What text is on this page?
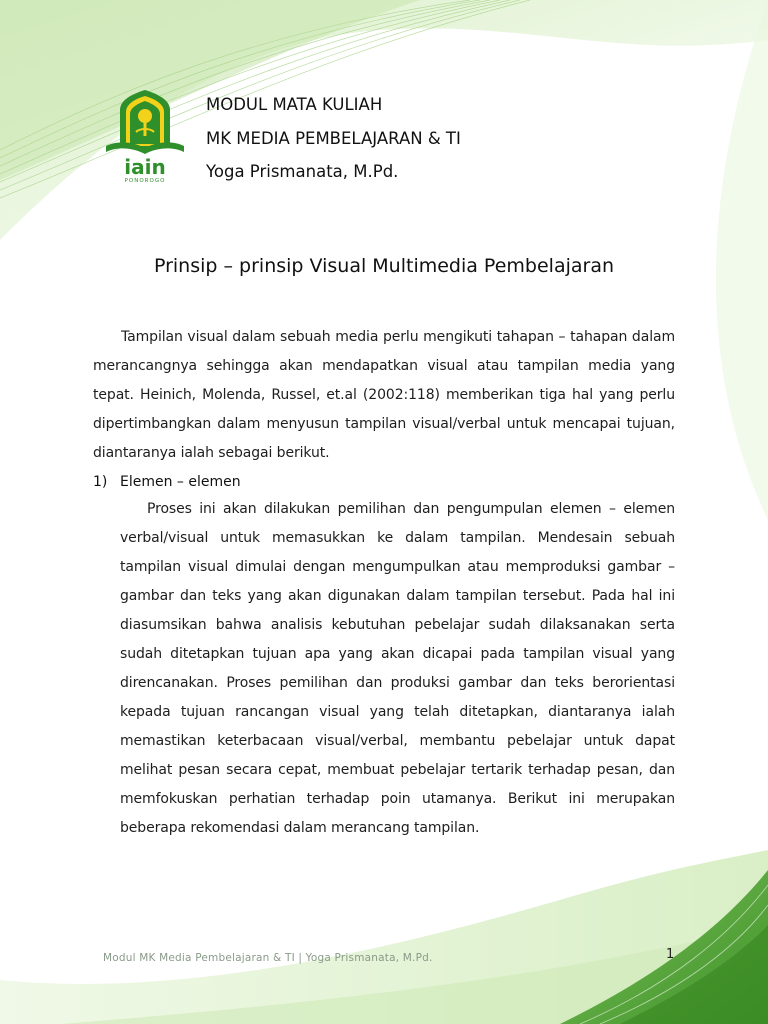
iain
PONOROGO
MODUL MATA KULIAH
MK MEDIA PEMBELAJARAN & TI
Yoga Prismanata, M.Pd.
Prinsip – prinsip Visual Multimedia Pembelajaran
Tampilan visual dalam sebuah media perlu mengikuti tahapan – tahapan dalam merancangnya sehingga akan mendapatkan visual atau tampilan media yang tepat. Heinich, Molenda, Russel, et.al (2002:118) memberikan tiga hal yang perlu dipertimbangkan dalam menyusun tampilan visual/verbal untuk mencapai tujuan, diantaranya ialah sebagai berikut.
1) Elemen – elemen
Proses ini akan dilakukan pemilihan dan pengumpulan elemen – elemen verbal/visual untuk memasukkan ke dalam tampilan. Mendesain sebuah tampilan visual dimulai dengan mengumpulkan atau memproduksi gambar – gambar dan teks yang akan digunakan dalam tampilan tersebut. Pada hal ini diasumsikan bahwa analisis kebutuhan pebelajar sudah dilaksanakan serta sudah ditetapkan tujuan apa yang akan dicapai pada tampilan visual yang direncanakan. Proses pemilihan dan produksi gambar dan teks berorientasi kepada tujuan rancangan visual yang telah ditetapkan, diantaranya ialah memastikan keterbacaan visual/verbal, membantu pebelajar untuk dapat melihat pesan secara cepat, membuat pebelajar tertarik terhadap pesan, dan memfokuskan perhatian terhadap poin utamanya. Berikut ini merupakan beberapa rekomendasi dalam merancang tampilan.
Modul MK Media Pembelajaran & TI | Yoga Prismanata, M.Pd.	1
